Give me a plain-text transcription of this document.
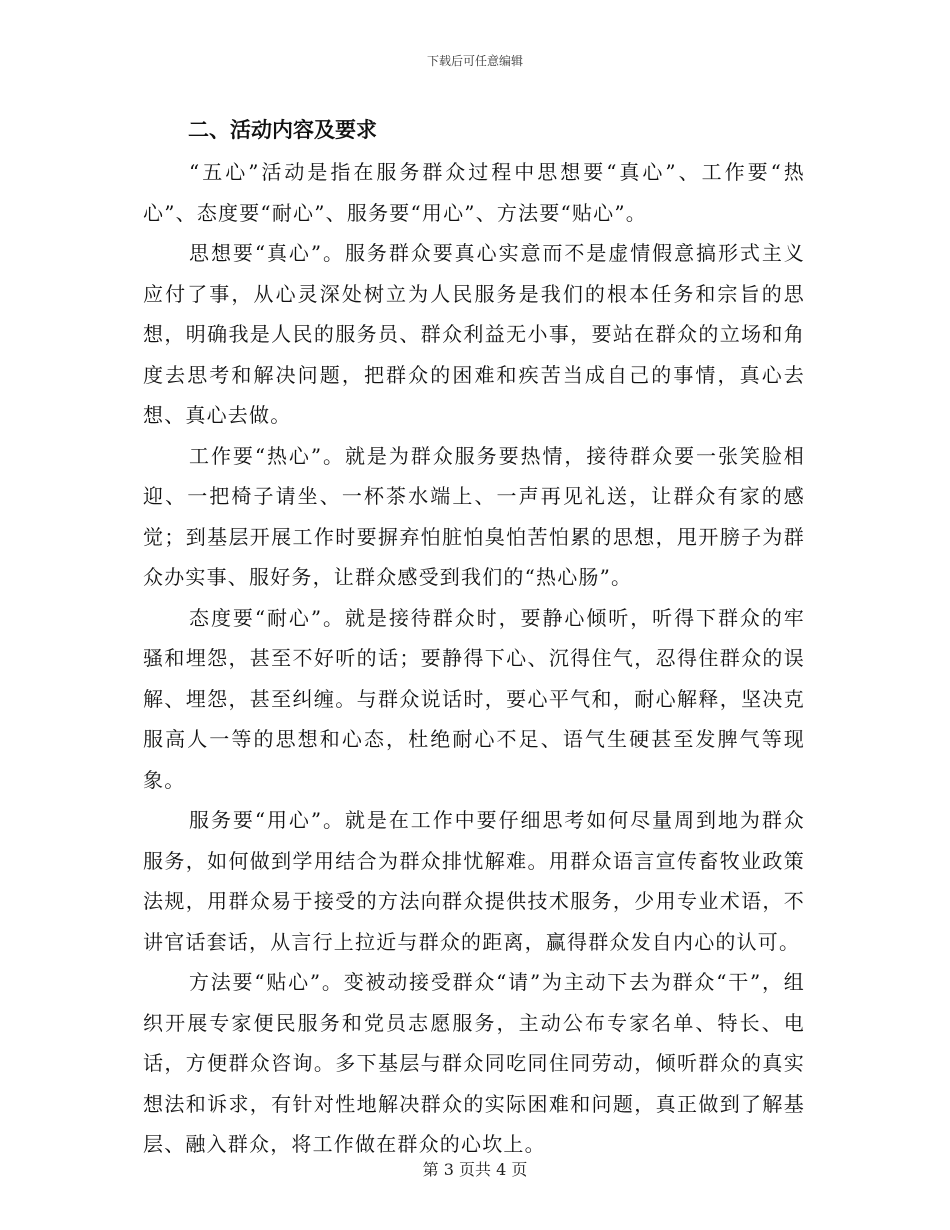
下载后可任意编辑
二、活动内容及要求

“五心”活动是指在服务群众过程中思想要“真心”、工作要“热心”、态度要“耐心”、服务要“用心”、方法要“贴心”。

思想要“真心”。服务群众要真心实意而不是虚情假意搞形式主义应付了事，从心灵深处树立为人民服务是我们的根本任务和宗旨的思想，明确我是人民的服务员、群众利益无小事，要站在群众的立场和角度去思考和解决问题，把群众的困难和疾苦当成自己的事情，真心去想、真心去做。

工作要“热心”。就是为群众服务要热情，接待群众要一张笑脸相迎、一把椅子请坐、一杯茶水端上、一声再见礼送，让群众有家的感觉；到基层开展工作时要摒弃怕脏怕臭怕苦怕累的思想，甩开膀子为群众办实事、服好务，让群众感受到我们的“热心肠”。

态度要“耐心”。就是接待群众时，要静心倾听，听得下群众的牢骚和埋怨，甚至不好听的话；要静得下心、沉得住气，忍得住群众的误解、埋怨，甚至纠缠。与群众说话时，要心平气和，耐心解释，坚决克服高人一等的思想和心态，杜绝耐心不足、语气生硬甚至发脾气等现象。

服务要“用心”。就是在工作中要仔细思考如何尽量周到地为群众服务，如何做到学用结合为群众排忧解难。用群众语言宣传畜牧业政策法规，用群众易于接受的方法向群众提供技术服务，少用专业术语，不讲官话套话，从言行上拉近与群众的距离，赢得群众发自内心的认可。

方法要“贴心”。变被动接受群众“请”为主动下去为群众“干”，组织开展专家便民服务和党员志愿服务，主动公布专家名单、特长、电话，方便群众咨询。多下基层与群众同吃同住同劳动，倾听群众的真实想法和诉求，有针对性地解决群众的实际困难和问题，真正做到了解基层、融入群众，将工作做在群众的心坎上。

第 3 页共 4 页
